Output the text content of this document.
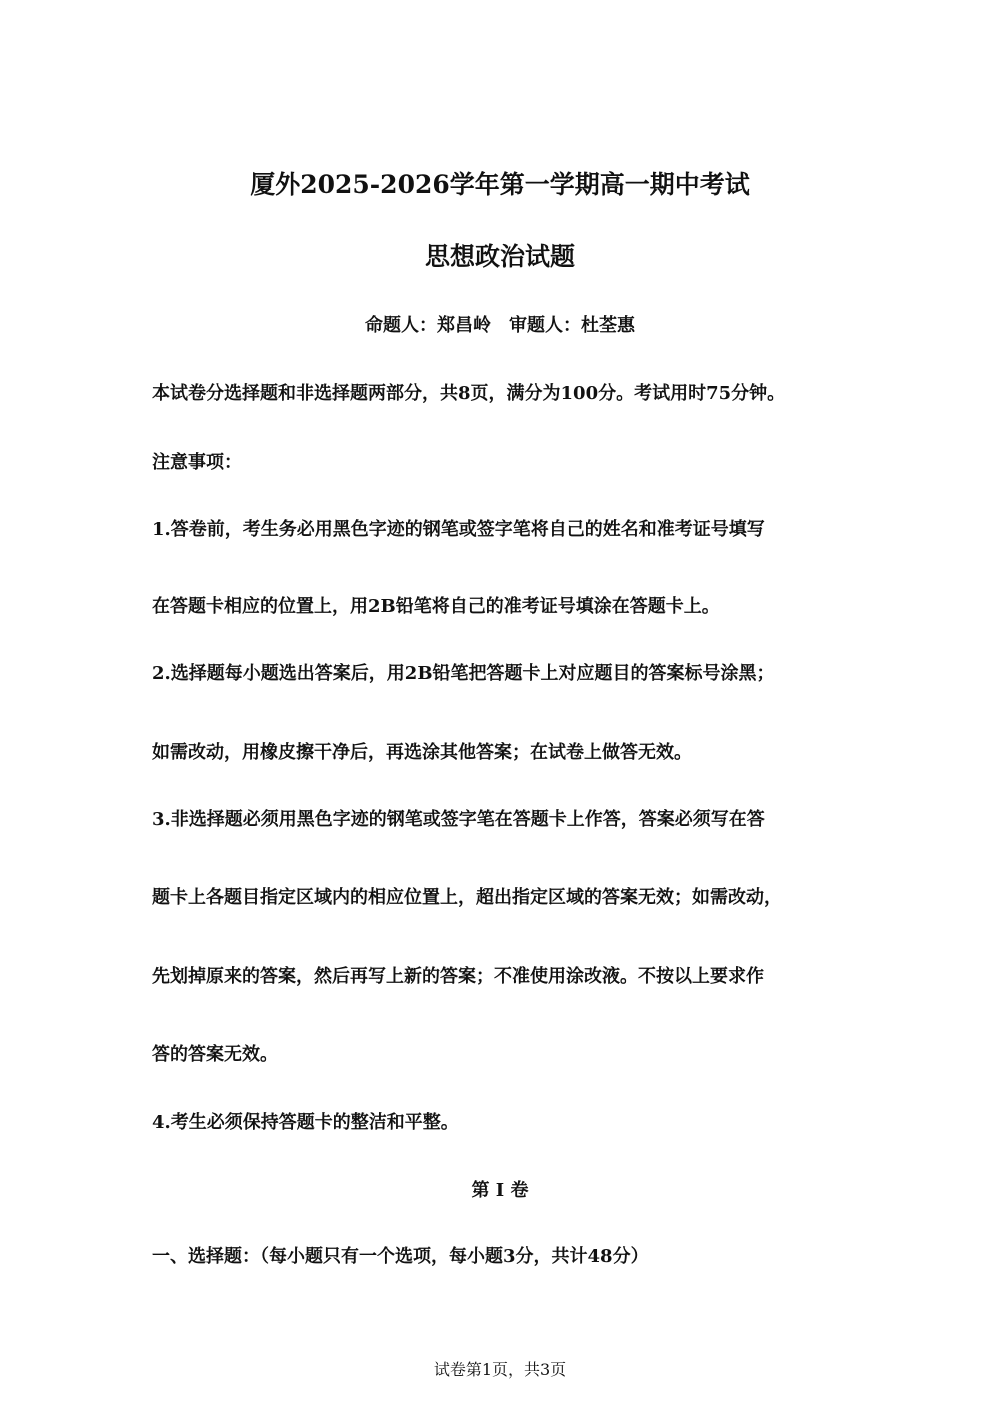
厦外2025-2026学年第一学期高一期中考试
思想政治试题
命题人：郑昌岭　审题人：杜荃惠
本试卷分选择题和非选择题两部分，共8页，满分为100分。考试用时75分钟。
注意事项：
1.答卷前，考生务必用黑色字迹的钢笔或签字笔将自己的姓名和准考证号填写
在答题卡相应的位置上，用2B铅笔将自己的准考证号填涂在答题卡上。
2.选择题每小题选出答案后，用2B铅笔把答题卡上对应题目的答案标号涂黑；
如需改动，用橡皮擦干净后，再选涂其他答案；在试卷上做答无效。
3.非选择题必须用黑色字迹的钢笔或签字笔在答题卡上作答，答案必须写在答
题卡上各题目指定区域内的相应位置上，超出指定区域的答案无效；如需改动，
先划掉原来的答案，然后再写上新的答案；不准使用涂改液。不按以上要求作
答的答案无效。
4.考生必须保持答题卡的整洁和平整。
第 Ⅰ 卷
一、选择题：（每小题只有一个选项，每小题3分，共计48分）
试卷第1页，共3页
